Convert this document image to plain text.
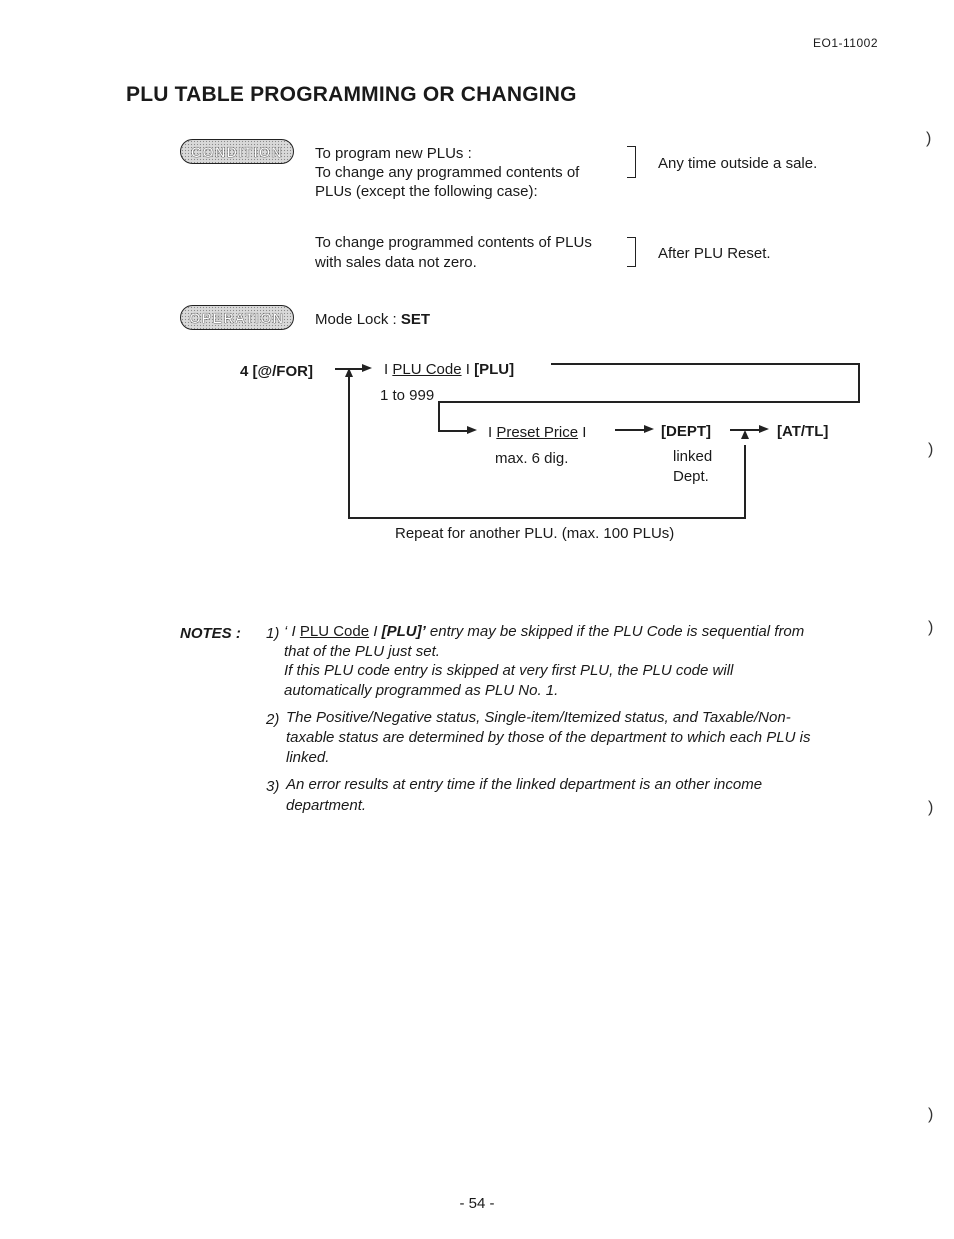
EO1-11002
PLU TABLE PROGRAMMING OR CHANGING
CONDITION	To program new PLUs :
To change any programmed contents of
PLUs (except the following case):
Any time outside a sale.
To change programmed contents of PLUs
with sales data not zero.
After PLU Reset.
OPERATION	Mode Lock : SET
4 [@/FOR]	I PLU Code I [PLU]
1 to 999
I Preset Price I
max. 6 dig.
[DEPT]
linked
Dept.
[AT/TL]
Repeat for another PLU. (max. 100 PLUs)
NOTES : 1) ‘ I PLU Code I [PLU]’ entry may be skipped if the PLU Code is sequential from
that of the PLU just set.
If this PLU code entry is skipped at very first PLU, the PLU code will
automatically programmed as PLU No. 1.
2) The Positive/Negative status, Single-item/Itemized status, and Taxable/Non-
taxable status are determined by those of the department to which each PLU is
linked.
3) An error results at entry time if the linked department is an other income
department.
)
)
)
)
)
- 54 -
